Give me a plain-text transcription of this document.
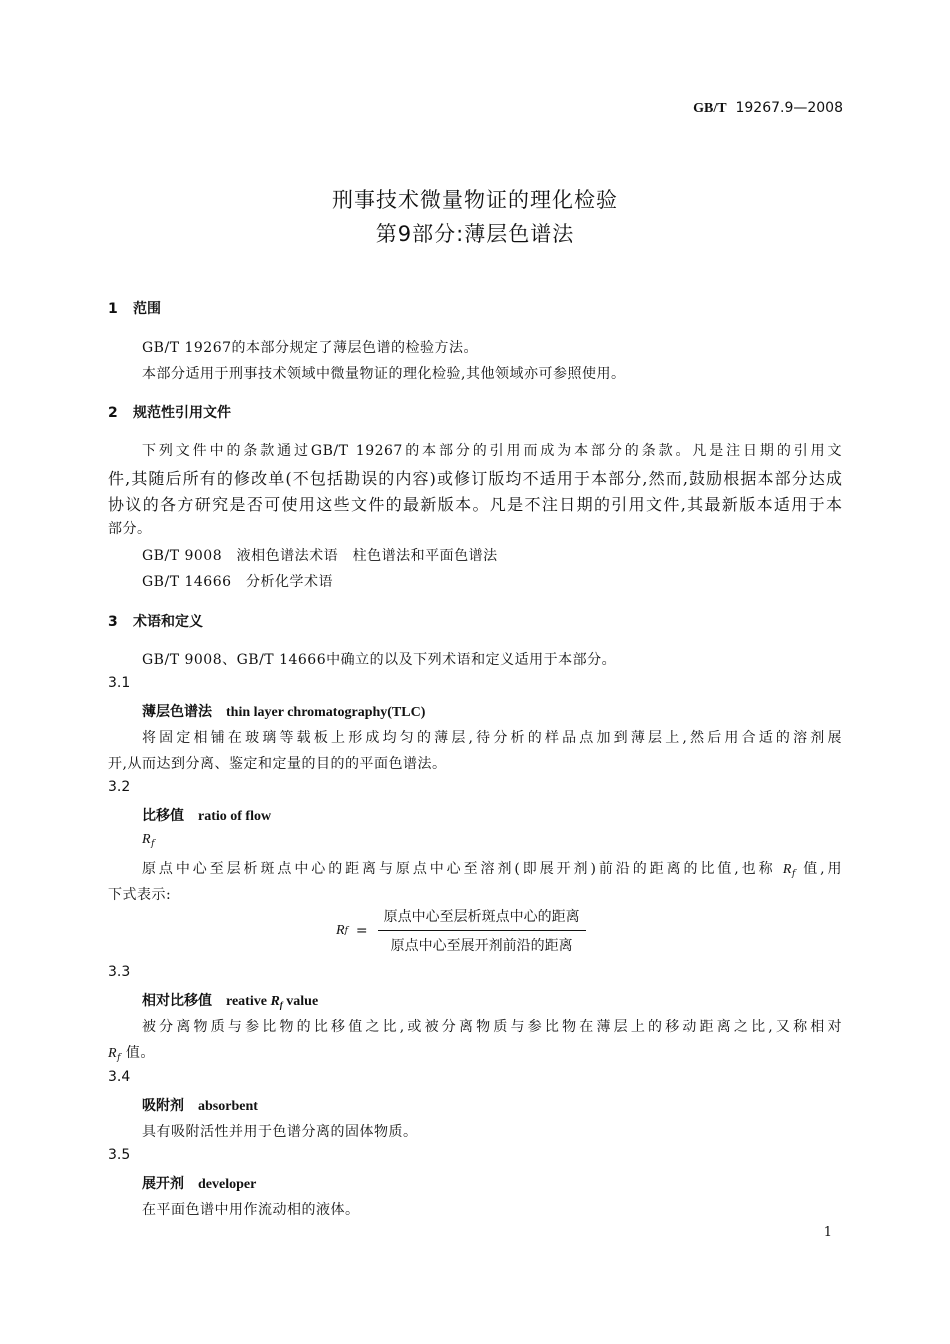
GB/T 19267.9—2008
刑事技术微量物证的理化检验
第9部分:薄层色谱法
1 范围
GB/T 19267的本部分规定了薄层色谱的检验方法。
本部分适用于刑事技术领域中微量物证的理化检验,其他领域亦可参照使用。
2 规范性引用文件
下列文件中的条款通过GB/T 19267的本部分的引用而成为本部分的条款。凡是注日期的引用文
件,其随后所有的修改单(不包括勘误的内容)或修订版均不适用于本部分,然而,鼓励根据本部分达成
协议的各方研究是否可使用这些文件的最新版本。凡是不注日期的引用文件,其最新版本适用于本
部分。
GB/T 9008　液相色谱法术语　柱色谱法和平面色谱法
GB/T 14666　分析化学术语
3 术语和定义
GB/T 9008、GB/T 14666中确立的以及下列术语和定义适用于本部分。
3.1
薄层色谱法 thin layer chromatography(TLC)
将固定相铺在玻璃等载板上形成均匀的薄层,待分析的样品点加到薄层上,然后用合适的溶剂展
开,从而达到分离、鉴定和定量的目的的平面色谱法。
3.2
比移值 ratio of flow
$R_f$
原点中心至层析斑点中心的距离与原点中心至溶剂(即展开剂)前沿的距离的比值,也称 $R_f$ 值,用
下式表示:
R $f = \frac{\text{原点中心至层析斑点中心的距离}}{\text{原点中心至展开剂前沿的距离}}$
3.3
相对比移值 reative $R_f$ value
被分离物质与参比物的比移值之比,或被分离物质与参比物在薄层上的移动距离之比,又称相对
$R_f$ 值。
3.4
吸附剂 absorbent
具有吸附活性并用于色谱分离的固体物质。
3.5
展开剂 developer
在平面色谱中用作流动相的液体。
1
